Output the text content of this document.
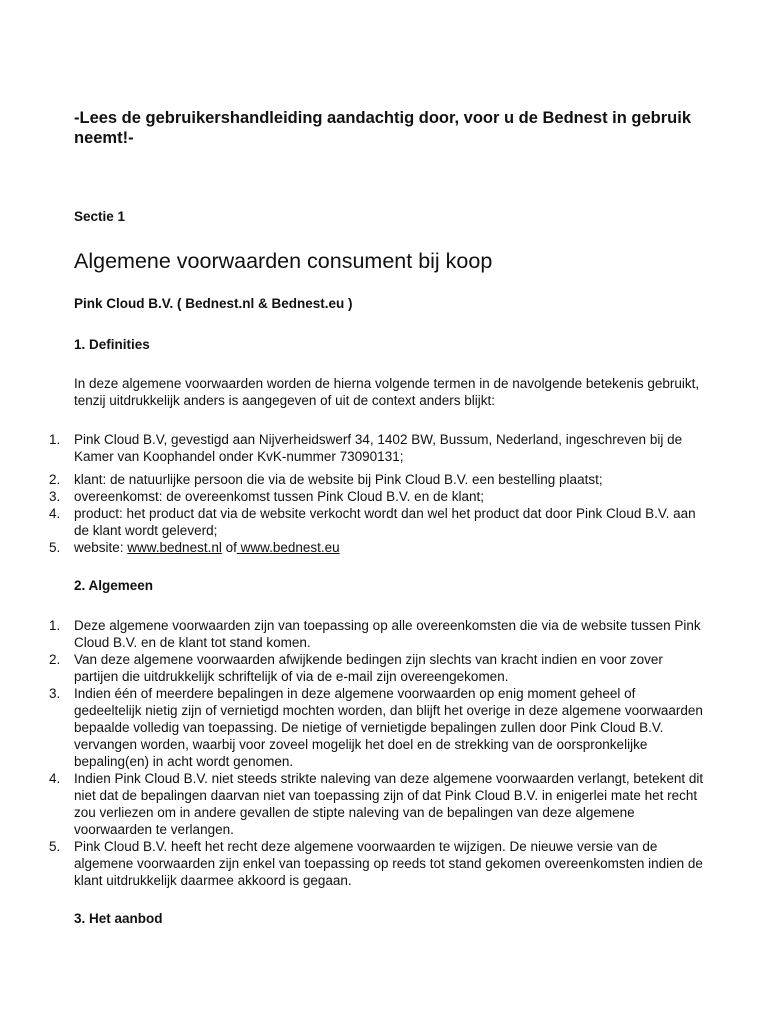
-Lees de gebruikershandleiding aandachtig door, voor u de Bednest in gebruik neemt!-
Sectie 1
Algemene voorwaarden consument bij koop
Pink Cloud B.V. ( Bednest.nl & Bednest.eu )
1. Definities

In deze algemene voorwaarden worden de hierna volgende termen in de navolgende betekenis gebruikt, tenzij uitdrukkelijk anders is aangegeven of uit de context anders blijkt:

1. Pink Cloud B.V, gevestigd aan Nijverheidswerf 34, 1402 BW, Bussum, Nederland, ingeschreven bij de Kamer van Koophandel onder KvK-nummer 73090131;
2. klant: de natuurlijke persoon die via de website bij Pink Cloud B.V. een bestelling plaatst;
3. overeenkomst: de overeenkomst tussen Pink Cloud B.V. en de klant;
4. product: het product dat via de website verkocht wordt dan wel het product dat door Pink Cloud B.V. aan de klant wordt geleverd;
5. website: www.bednest.nl of www.bednest.eu
2. Algemeen
1. Deze algemene voorwaarden zijn van toepassing op alle overeenkomsten die via de website tussen Pink Cloud B.V. en de klant tot stand komen.
2. Van deze algemene voorwaarden afwijkende bedingen zijn slechts van kracht indien en voor zover partijen die uitdrukkelijk schriftelijk of via de e-mail zijn overeengekomen.
3. Indien één of meerdere bepalingen in deze algemene voorwaarden op enig moment geheel of gedeeltelijk nietig zijn of vernietigd mochten worden, dan blijft het overige in deze algemene voorwaarden bepaalde volledig van toepassing. De nietige of vernietigde bepalingen zullen door Pink Cloud B.V. vervangen worden, waarbij voor zoveel mogelijk het doel en de strekking van de oorspronkelijke bepaling(en) in acht wordt genomen.
4. Indien Pink Cloud B.V. niet steeds strikte naleving van deze algemene voorwaarden verlangt, betekent dit niet dat de bepalingen daarvan niet van toepassing zijn of dat Pink Cloud B.V. in enigerlei mate het recht zou verliezen om in andere gevallen de stipte naleving van de bepalingen van deze algemene voorwaarden te verlangen.
5. Pink Cloud B.V. heeft het recht deze algemene voorwaarden te wijzigen. De nieuwe versie van de algemene voorwaarden zijn enkel van toepassing op reeds tot stand gekomen overeenkomsten indien de klant uitdrukkelijk daarmee akkoord is gegaan.
3. Het aanbod
